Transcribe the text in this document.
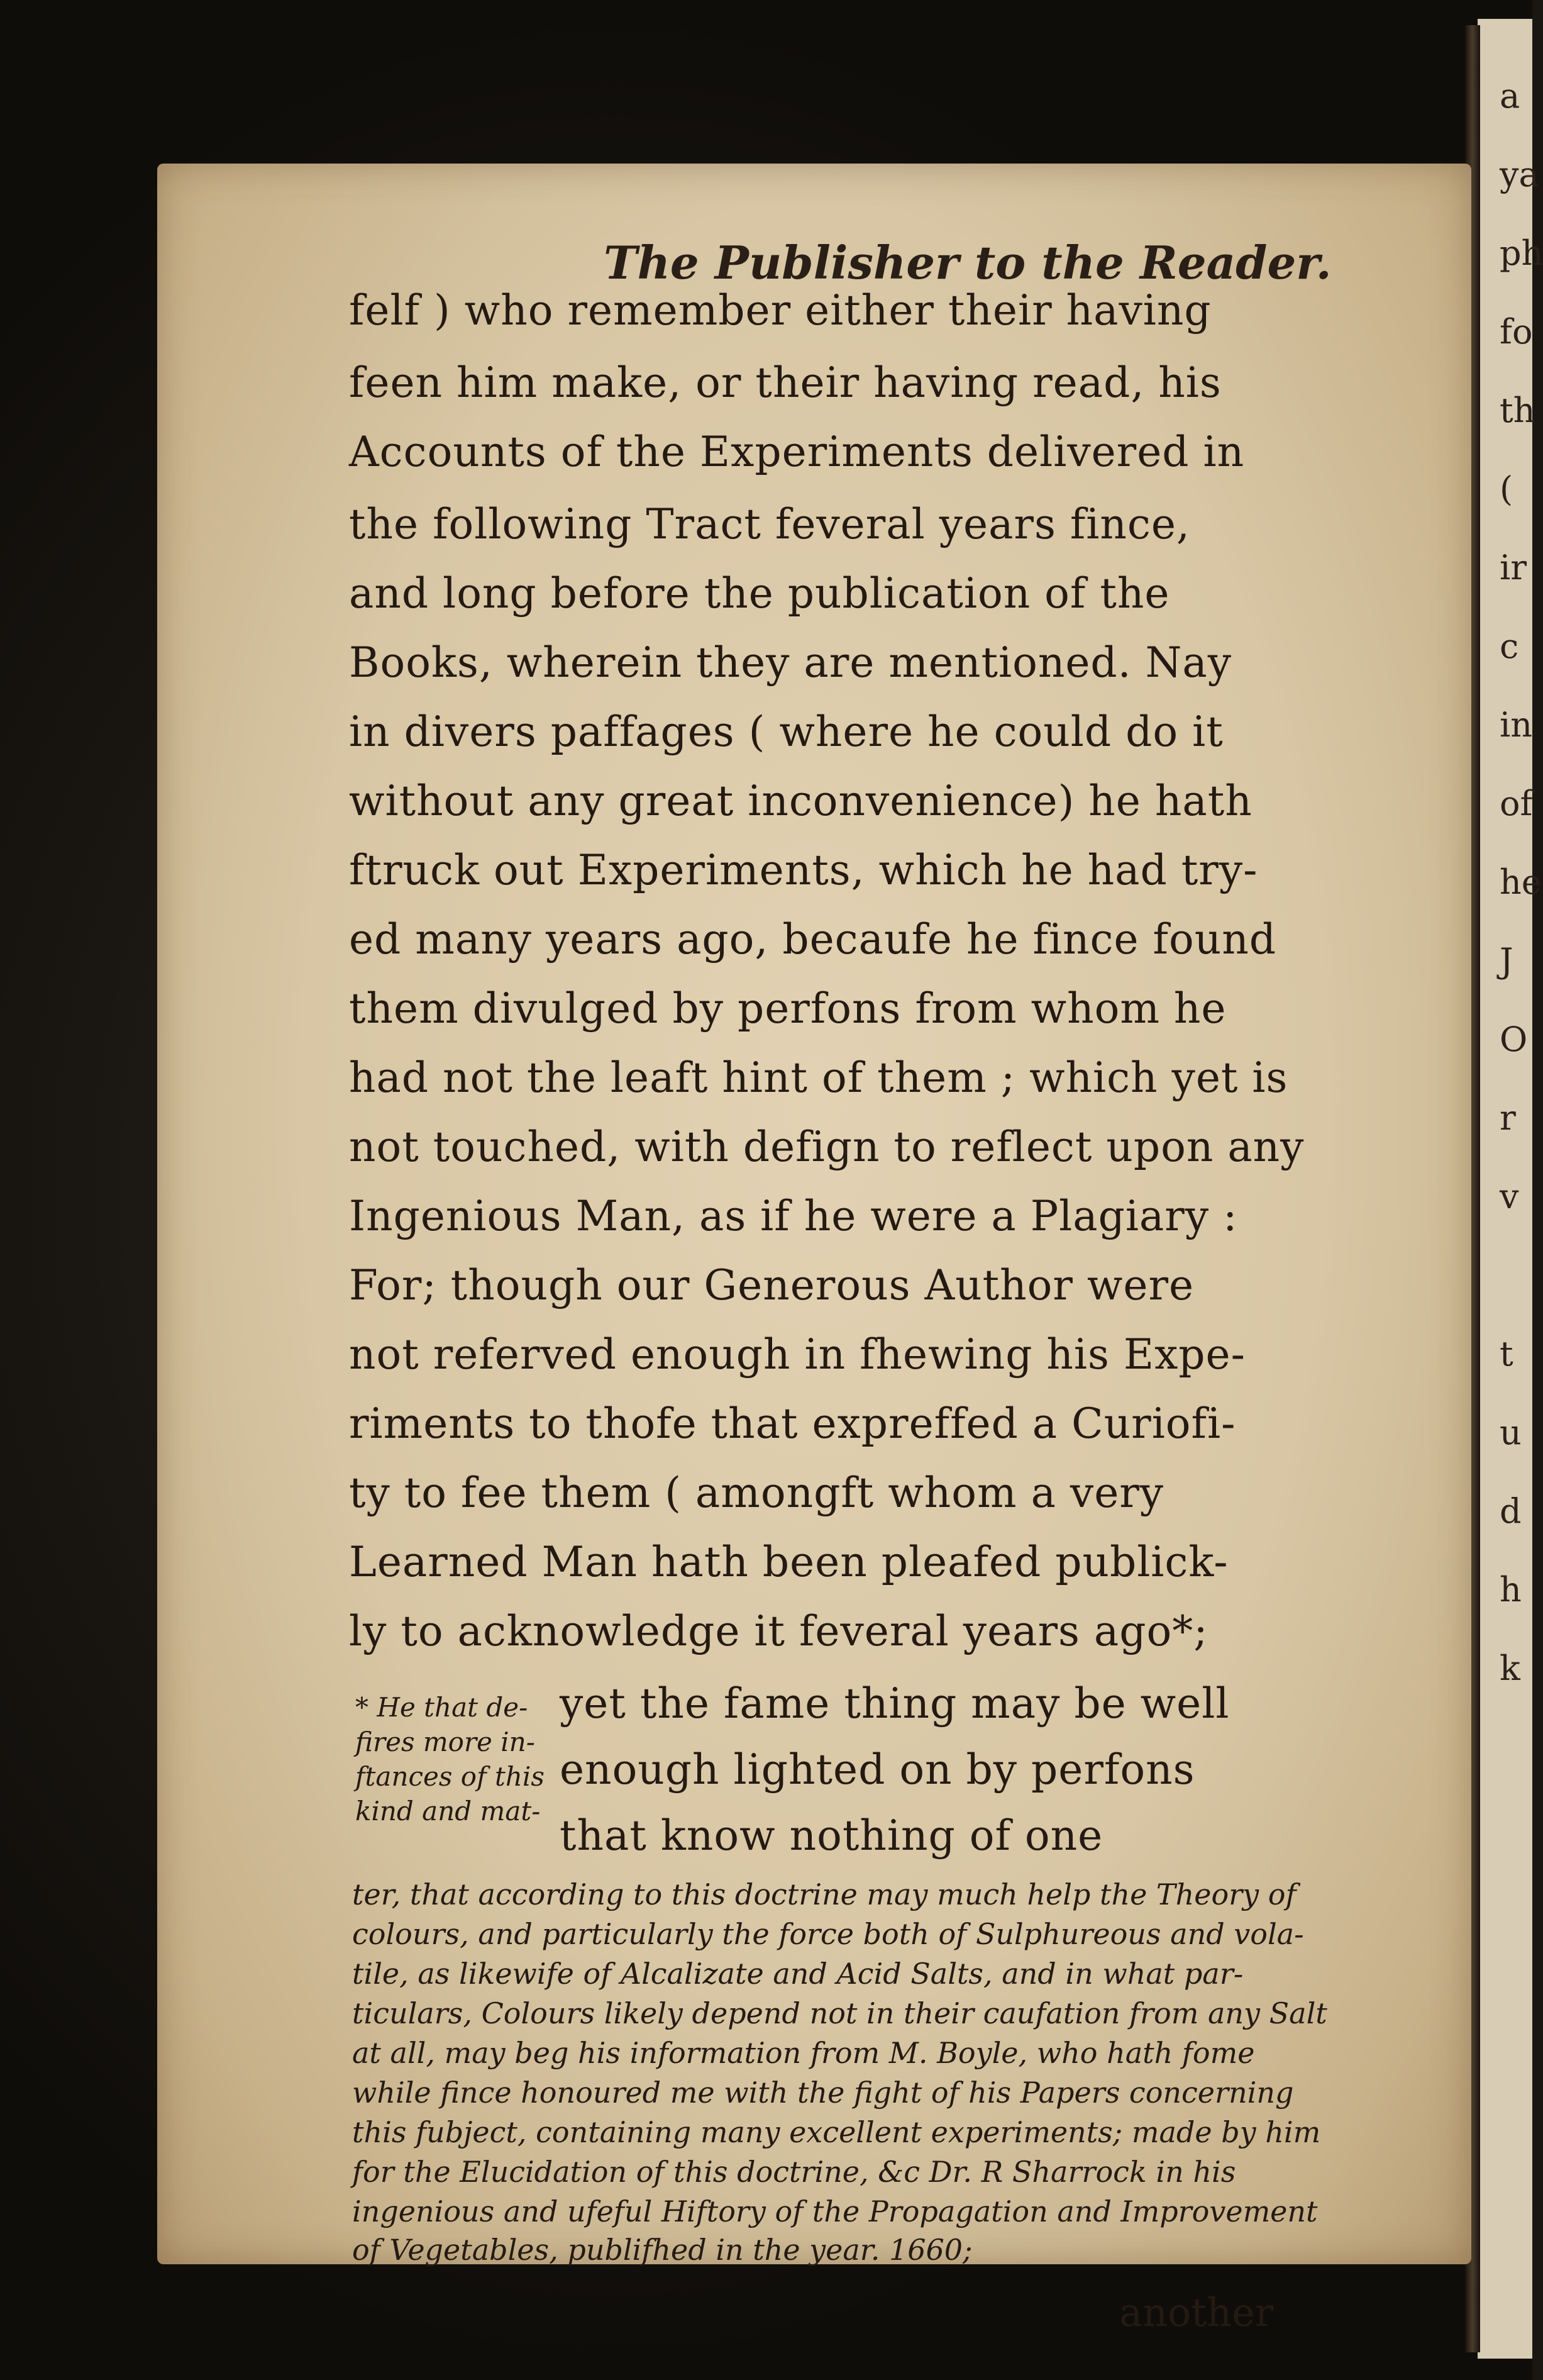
a
ya
ph
fo
th
(
ir
c
in
of
he
J
O
r
v

t
u
d
h
k

The Publisher to the Reader.
felf ) who remember either their having
feen him make, or their having read, his
Accounts of the Experiments delivered in
the following Tract feveral years fince,
and long before the publication of the
Books, wherein they are mentioned. Nay
in divers paffages ( where he could do it
without any great inconvenience) he hath
ftruck out Experiments, which he had try-
ed many years ago, becaufe he fince found
them divulged by perfons from whom he
had not the leaft hint of them ; which yet is
not touched, with defign to reflect upon any
Ingenious Man, as if he were a Plagiary :
For; though our Generous Author were
not referved enough in fhewing his Expe-
riments to thofe that expreffed a Curiofi-
ty to fee them ( amongft whom a very
Learned Man hath been pleafed publick-
ly to acknowledge it feveral years ago*;
* He that de-
fires more in-
ftances of this
kind and mat-
yet the fame thing may be well
enough lighted on by perfons
that know nothing of one
ter, that according to this doctrine may much help the Theory of
colours, and particularly the force both of Sulphureous and vola-
tile, as likewife of Alcalizate and Acid Salts, and in what par-
ticulars, Colours likely depend not in their caufation from any Salt
at all, may beg his information from M. Boyle, who hath fome
while fince honoured me with the fight of his Papers concerning
this fubject, containing many excellent experiments; made by him
for the Elucidation of this doctrine, &c Dr. R Sharrock in his
ingenious and ufeful Hiftory of the Propagation and Improvement
of Vegetables, publifhed in the year. 1660;
another
